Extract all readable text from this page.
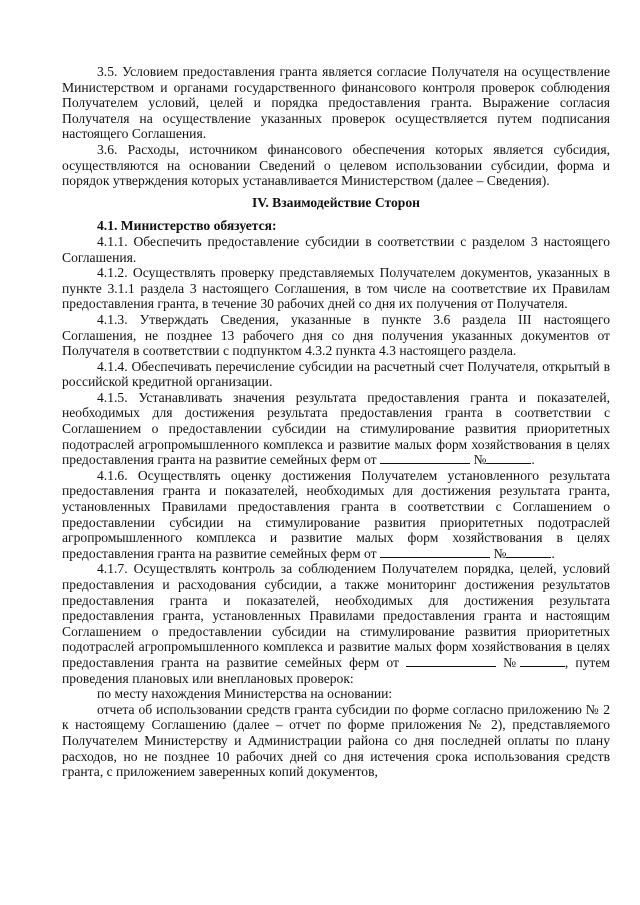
3.5. Условием предоставления гранта является согласие Получателя на осуществление Министерством и органами государственного финансового контроля проверок соблюдения Получателем условий, целей и порядка предоставления гранта. Выражение согласия Получателя на осуществление указанных проверок осуществляется путем подписания настоящего Соглашения.

3.6. Расходы, источником финансового обеспечения которых является субсидия, осуществляются на основании Сведений о целевом использовании субсидии, форма и порядок утверждения которых устанавливается Министерством (далее – Сведения).

IV. Взаимодействие Сторон

4.1. Министерство обязуется:

4.1.1. Обеспечить предоставление субсидии в соответствии с разделом 3 настоящего Соглашения.

4.1.2. Осуществлять проверку представляемых Получателем документов, указанных в пункте 3.1.1 раздела 3 настоящего Соглашения, в том числе на соответствие их Правилам предоставления гранта, в течение 30 рабочих дней со дня их получения от Получателя.

4.1.3. Утверждать Сведения, указанные в пункте 3.6 раздела III настоящего Соглашения, не позднее 13 рабочего дня со дня получения указанных документов от Получателя в соответствии с подпунктом 4.3.2 пункта 4.3 настоящего раздела.

4.1.4. Обеспечивать перечисление субсидии на расчетный счет Получателя, открытый в российской кредитной организации.

4.1.5. Устанавливать значения результата предоставления гранта и показателей, необходимых для достижения результата предоставления гранта в соответствии с Соглашением о предоставлении субсидии на стимулирование развития приоритетных подотраслей агропромышленного комплекса и развитие малых форм хозяйствования в целях предоставления гранта на развитие семейных ферм от	№	.

4.1.6. Осуществлять оценку достижения Получателем установленного результата предоставления гранта и показателей, необходимых для достижения результата гранта, установленных Правилами предоставления гранта в соответствии с Соглашением о предоставлении субсидии на стимулирование развития приоритетных подотраслей агропромышленного комплекса и развитие малых форм хозяйствования в целях предоставления гранта на развитие семейных ферм от	№	.

4.1.7. Осуществлять контроль за соблюдением Получателем порядка, целей, условий предоставления и расходования субсидии, а также мониторинг достижения результатов предоставления гранта и показателей, необходимых для достижения результата предоставления гранта, установленных Правилами предоставления гранта и настоящим Соглашением о предоставлении субсидии на стимулирование развития приоритетных подотраслей агропромышленного комплекса и развитие малых форм хозяйствования в целях предоставления гранта на развитие семейных ферм от	№	, путем проведения плановых или внеплановых проверок:

по месту нахождения Министерства на основании:

отчета об использовании средств гранта субсидии по форме согласно приложению № 2 к настоящему Соглашению (далее – отчет по форме приложения № 2), представляемого Получателем Министерству и Администрации района со дня последней оплаты по плану расходов, но не позднее 10 рабочих дней со дня истечения срока использования средств гранта, с приложением заверенных копий документов,
